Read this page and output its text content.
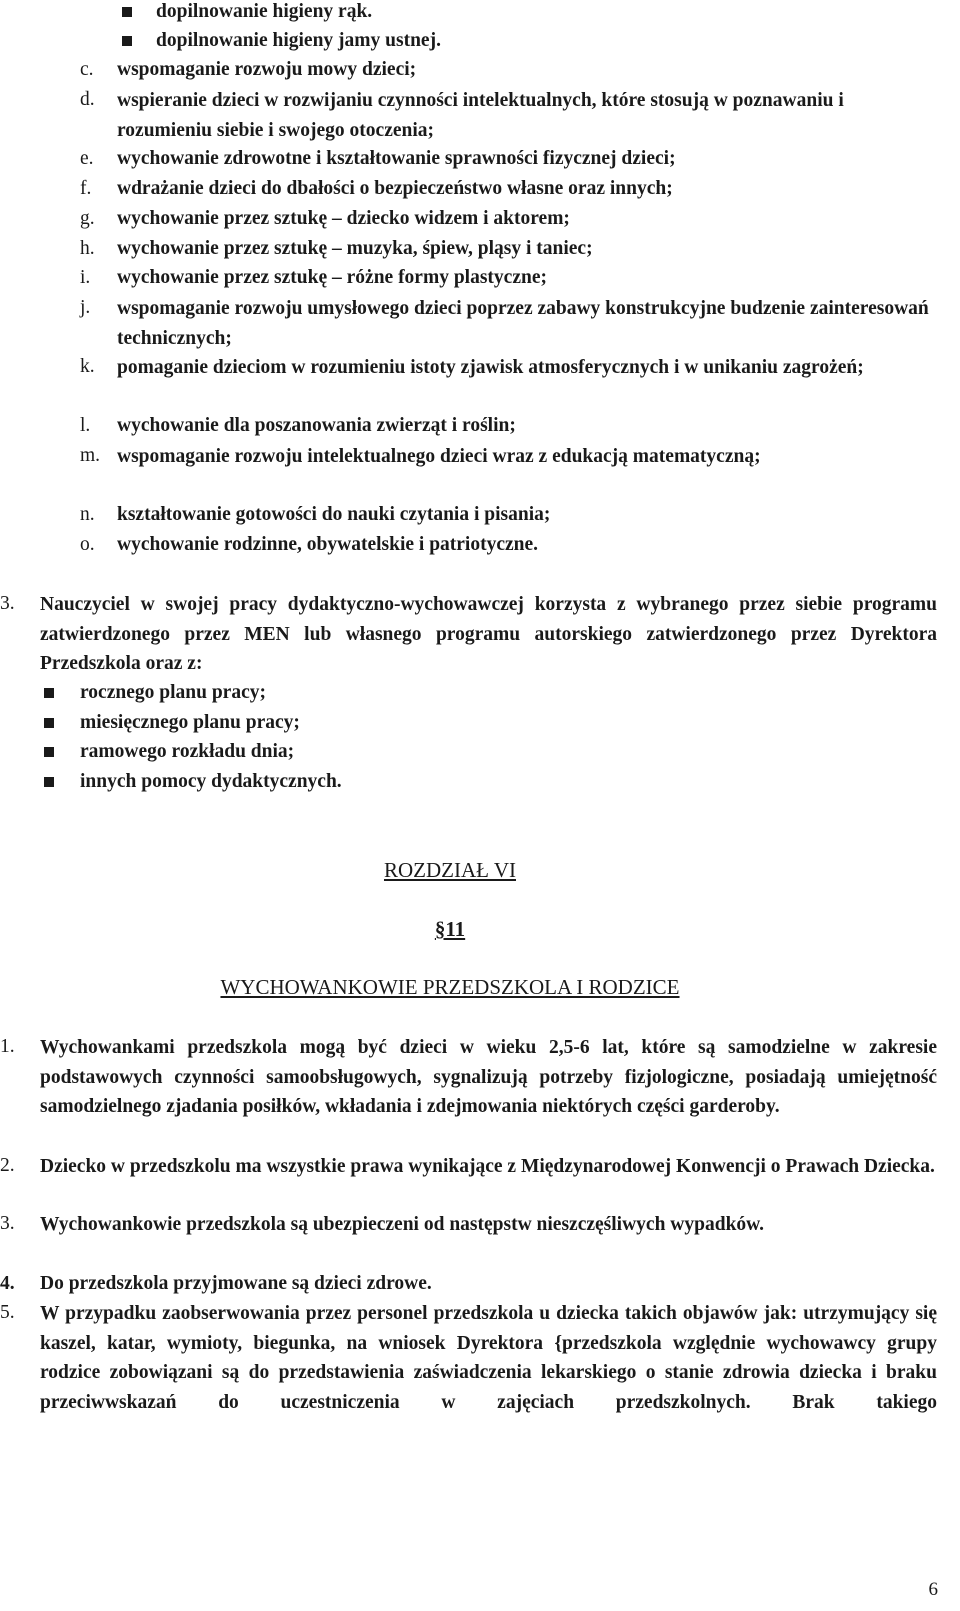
dopilnowanie higieny rąk.
dopilnowanie higieny jamy ustnej.
c. wspomaganie rozwoju mowy dzieci;
d. wspieranie dzieci w rozwijaniu czynności intelektualnych, które stosują w poznawaniu i rozumieniu siebie i swojego otoczenia;
e. wychowanie zdrowotne i kształtowanie sprawności fizycznej dzieci;
f. wdrażanie dzieci do dbałości o bezpieczeństwo własne oraz innych;
g. wychowanie przez sztukę – dziecko widzem i aktorem;
h. wychowanie przez sztukę – muzyka, śpiew, pląsy i taniec;
i. wychowanie przez sztukę – różne formy plastyczne;
j. wspomaganie rozwoju umysłowego dzieci poprzez zabawy konstrukcyjne budzenie zainteresowań technicznych;
k. pomaganie dzieciom w rozumieniu istoty zjawisk atmosferycznych i w unikaniu zagrożeń;
l. wychowanie dla poszanowania zwierząt i roślin;
m. wspomaganie rozwoju intelektualnego dzieci wraz z edukacją matematyczną;
n. kształtowanie gotowości do nauki czytania i pisania;
o. wychowanie rodzinne, obywatelskie i patriotyczne.
3. Nauczyciel w swojej pracy dydaktyczno-wychowawczej korzysta z wybranego przez siebie programu zatwierdzonego przez MEN lub własnego programu autorskiego zatwierdzonego przez Dyrektora Przedszkola oraz z:
rocznego planu pracy;
miesięcznego planu pracy;
ramowego rozkładu dnia;
innych pomocy dydaktycznych.
ROZDZIAŁ VI
§11
WYCHOWANKOWIE PRZEDSZKOLA I RODZICE
1. Wychowankami przedszkola mogą być dzieci w wieku 2,5-6 lat, które są samodzielne w zakresie podstawowych czynności samoobsługowych, sygnalizują potrzeby fizjologiczne, posiadają umiejętność samodzielnego zjadania posiłków, wkładania i zdejmowania niektórych części garderoby.
2. Dziecko w przedszkolu ma wszystkie prawa wynikające z Międzynarodowej Konwencji o Prawach Dziecka.
3. Wychowankowie przedszkola są ubezpieczeni od następstw nieszczęśliwych wypadków.
4. Do przedszkola przyjmowane są dzieci zdrowe.
5. W przypadku zaobserwowania przez personel przedszkola u dziecka takich objawów jak: utrzymujący się kaszel, katar, wymioty, biegunka, na wniosek Dyrektora {przedszkola względnie wychowawcy grupy rodzice zobowiązani są do przedstawienia zaświadczenia lekarskiego o stanie zdrowia dziecka i braku przeciwwskazań do uczestniczenia w zajęciach przedszkolnych. Brak takiego
6
